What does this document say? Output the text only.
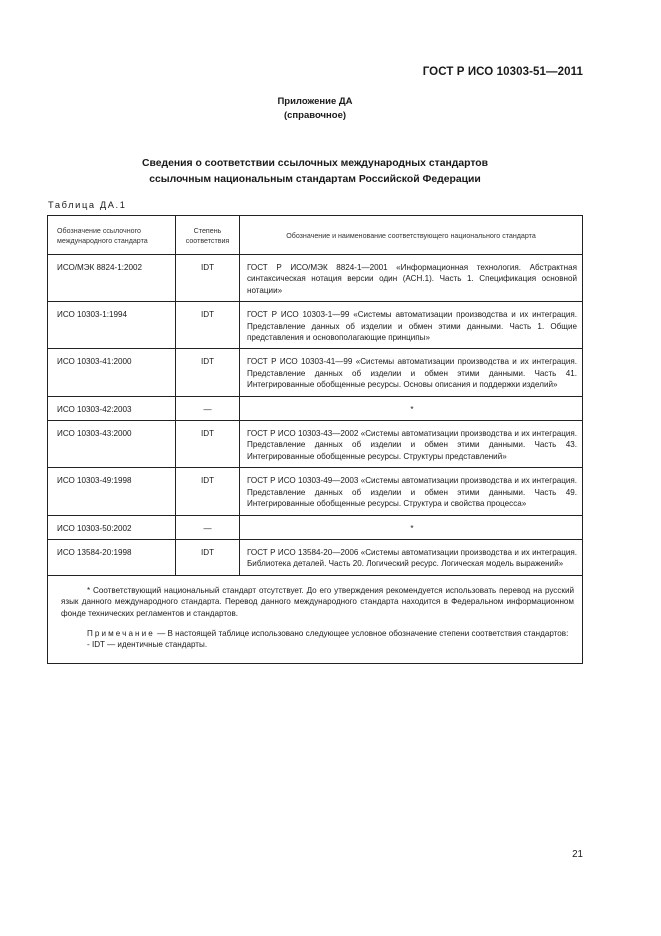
ГОСТ Р ИСО 10303-51—2011
Приложение ДА
(справочное)
Сведения о соответствии ссылочных международных стандартов
ссылочным национальным стандартам Российской Федерации
Таблица ДА.1
Обозначение ссылочного международного стандарта	Степень соответствия	Обозначение и наименование соответствующего национального стандарта
ИСО/МЭК 8824-1:2002	IDT	ГОСТ Р ИСО/МЭК 8824-1—2001 «Информационная технология. Абстрактная синтаксическая нотация версии один (АСН.1). Часть 1. Спецификация основной нотации»
ИСО 10303-1:1994	IDT	ГОСТ Р ИСО 10303-1—99 «Системы автоматизации производства и их интеграция. Представление данных об изделии и обмен этими данными. Часть 1. Общие представления и основополагающие принципы»
ИСО 10303-41:2000	IDT	ГОСТ Р ИСО 10303-41—99 «Системы автоматизации производства и их интеграция. Представление данных об изделии и обмен этими данными. Часть 41. Интегрированные обобщенные ресурсы. Основы описания и поддержки изделий»
ИСО 10303-42:2003	—	*
ИСО 10303-43:2000	IDT	ГОСТ Р ИСО 10303-43—2002 «Системы автоматизации производства и их интеграция. Представление данных об изделии и обмен этими данными. Часть 43. Интегрированные обобщенные ресурсы. Структуры представлений»
ИСО 10303-49:1998	IDT	ГОСТ Р ИСО 10303-49—2003 «Системы автоматизации производства и их интеграция. Представление данных об изделии и обмен этими данными. Часть 49. Интегрированные обобщенные ресурсы. Структура и свойства процесса»
ИСО 10303-50:2002	—	*
ИСО 13584-20:1998	IDT	ГОСТ Р ИСО 13584-20—2006 «Системы автоматизации производства и их интеграция. Библиотека деталей. Часть 20. Логический ресурс. Логическая модель выражений»

* Соответствующий национальный стандарт отсутствует. До его утверждения рекомендуется использовать перевод на русский язык данного международного стандарта. Перевод данного международного стандарта находится в Федеральном информационном фонде технических регламентов и стандартов.

Примечание — В настоящей таблице использовано следующее условное обозначение степени соответствия стандартов:

- IDT — идентичные стандарты.		

21
